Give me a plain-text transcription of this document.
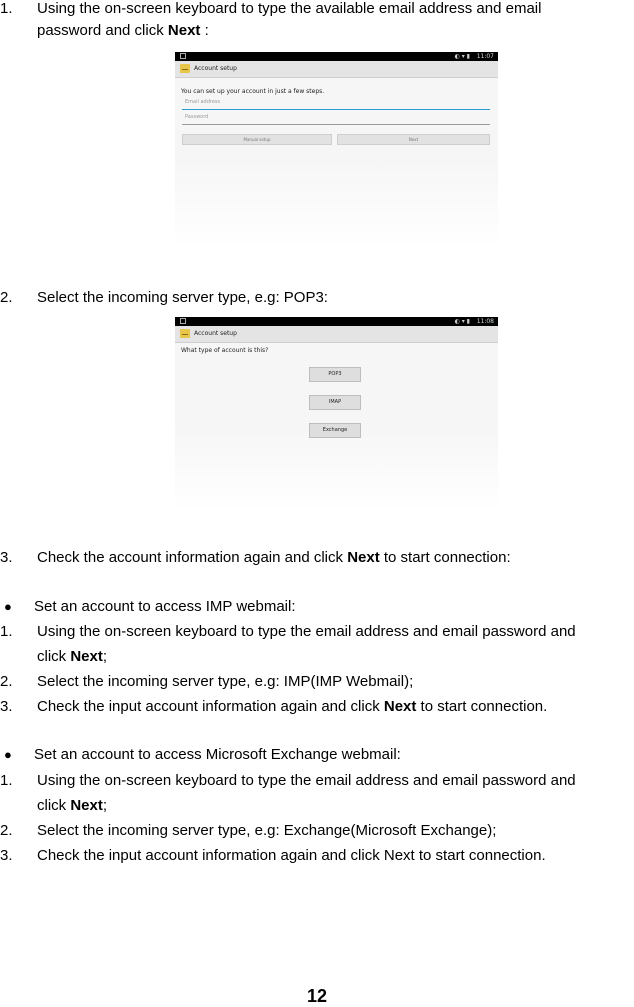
1. Using the on-screen keyboard to type the available email address and email
password and click Next :
◐ ▾ ▮ 11:07
Account setup
You can set up your account in just a few steps.
Email address
Password
Manual setup	Next
2. Select the incoming server type, e.g: POP3:
◐ ▾ ▮ 11:08
Account setup
What type of account is this?
POP3
IMAP
Exchange
3. Check the account information again and click Next to start connection:
● Set an account to access IMP webmail:
1. Using the on-screen keyboard to type the email address and email password and
click Next;
2. Select the incoming server type, e.g: IMP(IMP Webmail);
3. Check the input account information again and click Next to start connection.
● Set an account to access Microsoft Exchange webmail:
1. Using the on-screen keyboard to type the email address and email password and
click Next;
2. Select the incoming server type, e.g: Exchange(Microsoft Exchange);
3. Check the input account information again and click Next to start connection.
12
